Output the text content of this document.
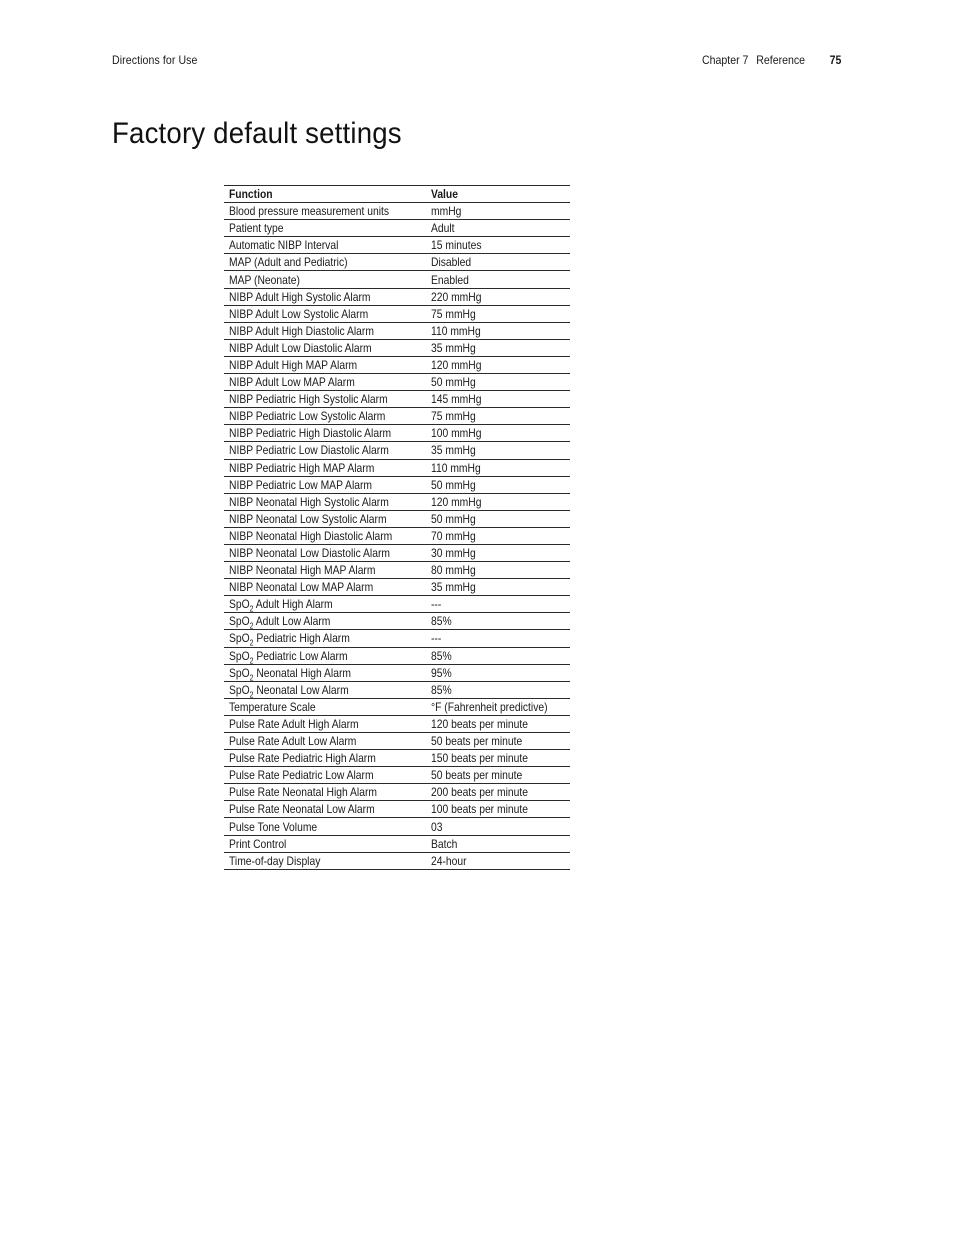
Directions for Use	Chapter 7 Reference 75
Factory default settings
Function	Value
Blood pressure measurement units	mmHg
Patient type	Adult
Automatic NIBP Interval	15 minutes
MAP (Adult and Pediatric)	Disabled
MAP (Neonate)	Enabled
NIBP Adult High Systolic Alarm	220 mmHg
NIBP Adult Low Systolic Alarm	75 mmHg
NIBP Adult High Diastolic Alarm	110 mmHg
NIBP Adult Low Diastolic Alarm	35 mmHg
NIBP Adult High MAP Alarm	120 mmHg
NIBP Adult Low MAP Alarm	50 mmHg
NIBP Pediatric High Systolic Alarm	145 mmHg
NIBP Pediatric Low Systolic Alarm	75 mmHg
NIBP Pediatric High Diastolic Alarm	100 mmHg
NIBP Pediatric Low Diastolic Alarm	35 mmHg
NIBP Pediatric High MAP Alarm	110 mmHg
NIBP Pediatric Low MAP Alarm	50 mmHg
NIBP Neonatal High Systolic Alarm	120 mmHg
NIBP Neonatal Low Systolic Alarm	50 mmHg
NIBP Neonatal High Diastolic Alarm	70 mmHg
NIBP Neonatal Low Diastolic Alarm	30 mmHg
NIBP Neonatal High MAP Alarm	80 mmHg
NIBP Neonatal Low MAP Alarm	35 mmHg
SpO$_2$ Adult High Alarm	---
SpO$_2$ Adult Low Alarm	85%
SpO$_2$ Pediatric High Alarm	---
SpO$_2$ Pediatric Low Alarm	85%
SpO$_2$ Neonatal High Alarm	95%
SpO$_2$ Neonatal Low Alarm	85%
Temperature Scale	°F (Fahrenheit predictive)
Pulse Rate Adult High Alarm	120 beats per minute
Pulse Rate Adult Low Alarm	50 beats per minute
Pulse Rate Pediatric High Alarm	150 beats per minute
Pulse Rate Pediatric Low Alarm	50 beats per minute
Pulse Rate Neonatal High Alarm	200 beats per minute
Pulse Rate Neonatal Low Alarm	100 beats per minute
Pulse Tone Volume	03
Print Control	Batch
Time-of-day Display	24-hour
